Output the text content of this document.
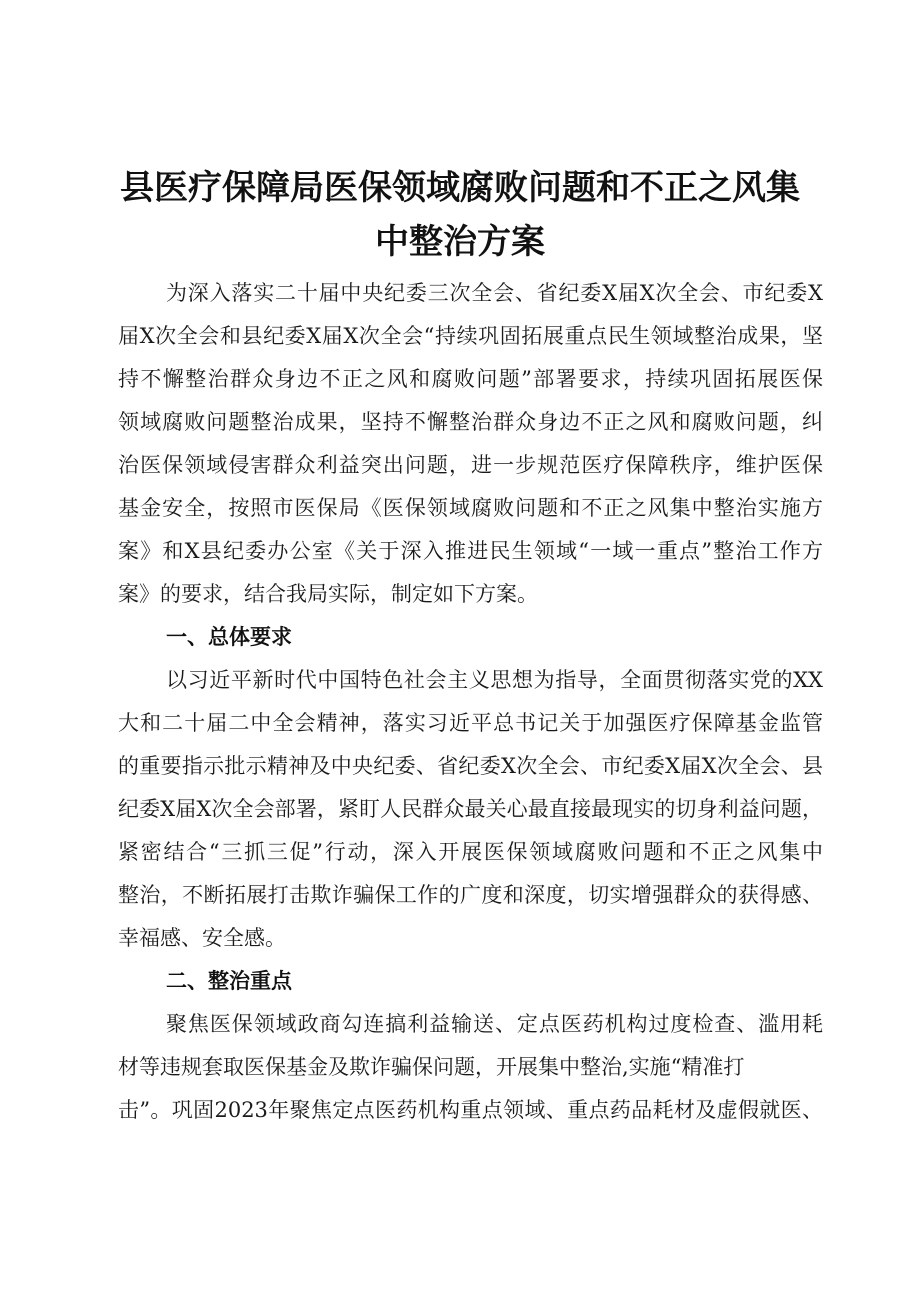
县医疗保障局医保领域腐败问题和不正之风集
中整治方案
为深入落实二十届中央纪委三次全会、省纪委X届X次全会、市纪委X
届X次全会和县纪委X届X次全会“持续巩固拓展重点民生领域整治成果，坚
持不懈整治群众身边不正之风和腐败问题”部署要求，持续巩固拓展医保
领域腐败问题整治成果，坚持不懈整治群众身边不正之风和腐败问题，纠
治医保领域侵害群众利益突出问题，进一步规范医疗保障秩序，维护医保
基金安全，按照市医保局《医保领域腐败问题和不正之风集中整治实施方
案》和X县纪委办公室《关于深入推进民生领域“一域一重点”整治工作方
案》的要求，结合我局实际，制定如下方案。
一、总体要求
以习近平新时代中国特色社会主义思想为指导，全面贯彻落实党的XX
大和二十届二中全会精神，落实习近平总书记关于加强医疗保障基金监管
的重要指示批示精神及中央纪委、省纪委X次全会、市纪委X届X次全会、县
纪委X届X次全会部署，紧盯人民群众最关心最直接最现实的切身利益问题，
紧密结合“三抓三促”行动，深入开展医保领域腐败问题和不正之风集中
整治，不断拓展打击欺诈骗保工作的广度和深度，切实增强群众的获得感、
幸福感、安全感。
二、整治重点
聚焦医保领域政商勾连搞利益输送、定点医药机构过度检查、滥用耗
材等违规套取医保基金及欺诈骗保问题，开展集中整治,实施“精准打
击”。巩固2023年聚焦定点医药机构重点领域、重点药品耗材及虚假就医、
